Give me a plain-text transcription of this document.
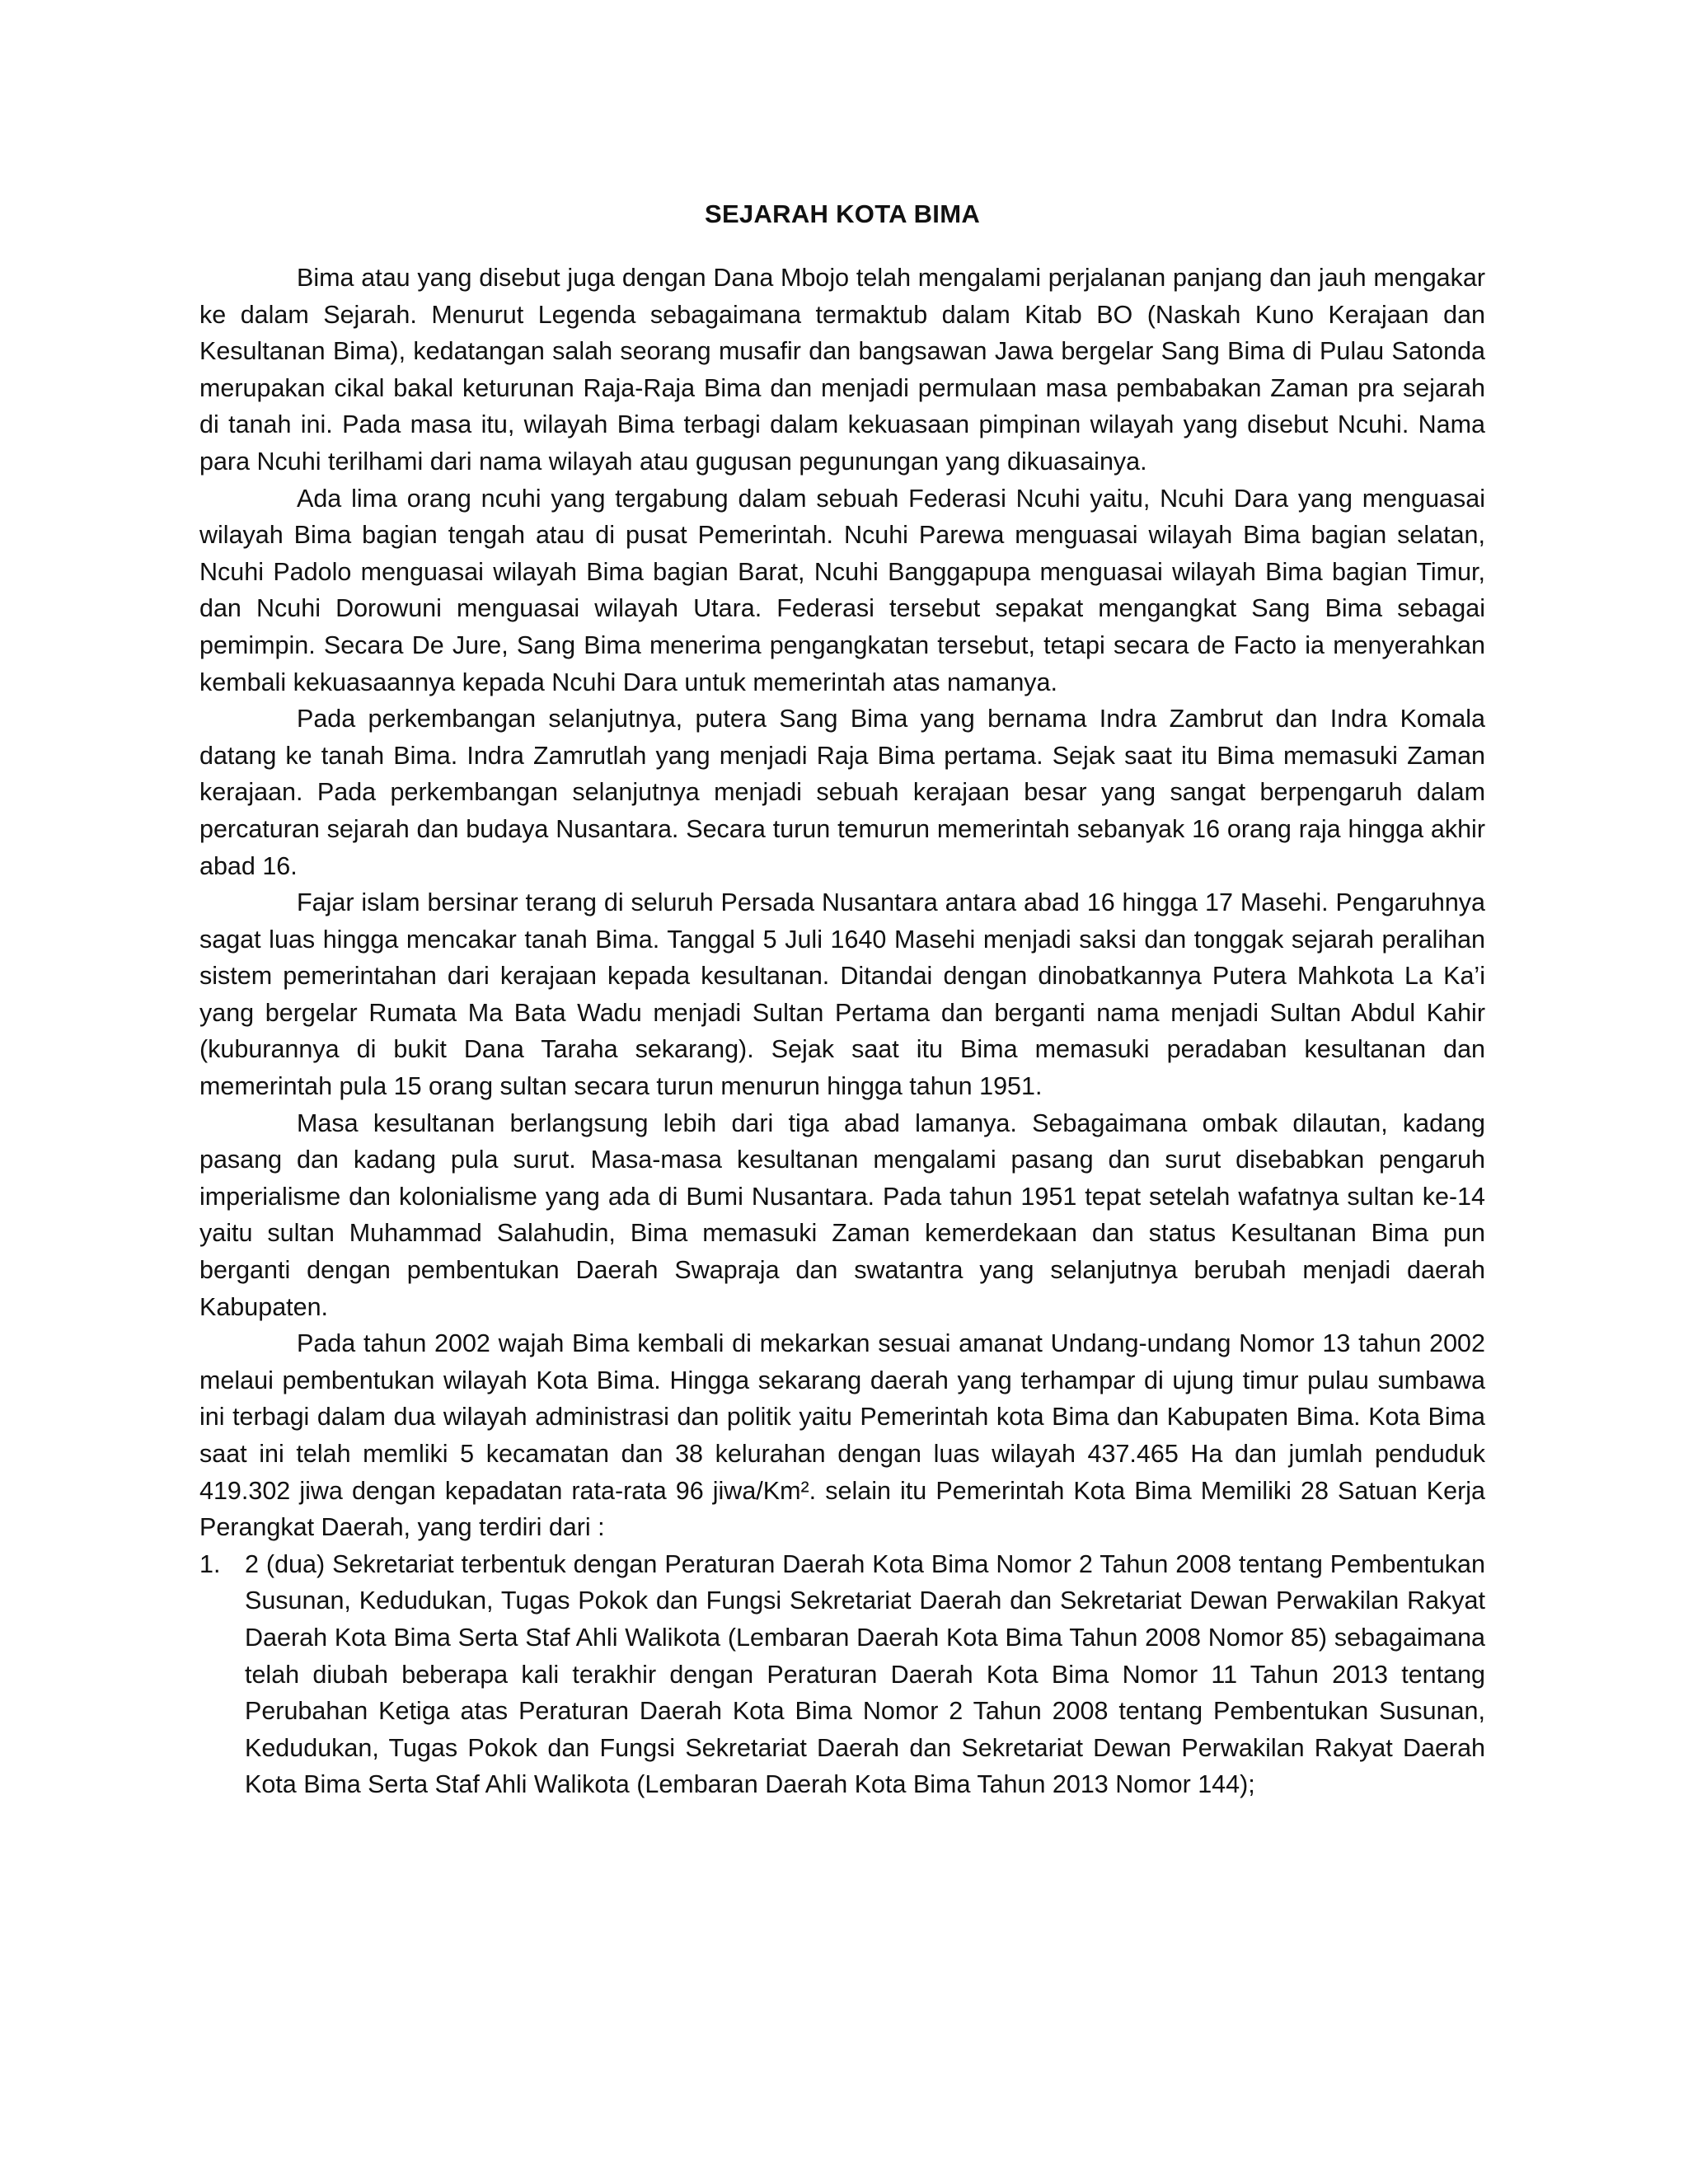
SEJARAH KOTA BIMA

Bima atau yang disebut juga dengan Dana Mbojo telah mengalami perjalanan panjang dan jauh mengakar ke dalam Sejarah. Menurut Legenda sebagaimana termaktub dalam Kitab BO (Naskah Kuno Kerajaan dan Kesultanan Bima), kedatangan salah seorang musafir dan bangsawan Jawa bergelar Sang Bima di Pulau Satonda merupakan cikal bakal keturunan Raja-Raja Bima dan menjadi permulaan masa pembabakan Zaman pra sejarah di tanah ini. Pada masa itu, wilayah Bima terbagi dalam kekuasaan pimpinan wilayah yang disebut Ncuhi. Nama para Ncuhi terilhami dari nama wilayah atau gugusan pegunungan yang dikuasainya.

Ada lima orang ncuhi yang tergabung dalam sebuah Federasi Ncuhi yaitu, Ncuhi Dara yang menguasai wilayah Bima bagian tengah atau di pusat Pemerintah. Ncuhi Parewa menguasai wilayah Bima bagian selatan, Ncuhi Padolo menguasai wilayah Bima bagian Barat, Ncuhi Banggapupa menguasai wilayah Bima bagian Timur, dan Ncuhi Dorowuni menguasai wilayah Utara. Federasi tersebut sepakat mengangkat Sang Bima sebagai pemimpin. Secara De Jure, Sang Bima menerima pengangkatan tersebut, tetapi secara de Facto ia menyerahkan kembali kekuasaannya kepada Ncuhi Dara untuk memerintah atas namanya.

Pada perkembangan selanjutnya, putera Sang Bima yang bernama Indra Zambrut dan Indra Komala datang ke tanah Bima. Indra Zamrutlah yang menjadi Raja Bima pertama. Sejak saat itu Bima memasuki Zaman kerajaan. Pada perkembangan selanjutnya menjadi sebuah kerajaan besar yang sangat berpengaruh dalam percaturan sejarah dan budaya Nusantara. Secara turun temurun memerintah sebanyak 16 orang raja hingga akhir abad 16.

Fajar islam bersinar terang di seluruh Persada Nusantara antara abad 16 hingga 17 Masehi. Pengaruhnya sagat luas hingga mencakar tanah Bima. Tanggal 5 Juli 1640 Masehi menjadi saksi dan tonggak sejarah peralihan sistem pemerintahan dari kerajaan kepada kesultanan. Ditandai dengan dinobatkannya Putera Mahkota La Ka’i yang bergelar Rumata Ma Bata Wadu menjadi Sultan Pertama dan berganti nama menjadi Sultan Abdul Kahir (kuburannya di bukit Dana Taraha sekarang). Sejak saat itu Bima memasuki peradaban kesultanan dan memerintah pula 15 orang sultan secara turun menurun hingga tahun 1951.

Masa kesultanan berlangsung lebih dari tiga abad lamanya. Sebagaimana ombak dilautan, kadang pasang dan kadang pula surut. Masa-masa kesultanan mengalami pasang dan surut disebabkan pengaruh imperialisme dan kolonialisme yang ada di Bumi Nusantara. Pada tahun 1951 tepat setelah wafatnya sultan ke-14 yaitu sultan Muhammad Salahudin, Bima memasuki Zaman kemerdekaan dan status Kesultanan Bima pun berganti dengan pembentukan Daerah Swapraja dan swatantra yang selanjutnya berubah menjadi daerah Kabupaten.

Pada tahun 2002 wajah Bima kembali di mekarkan sesuai amanat Undang-undang Nomor 13 tahun 2002 melaui pembentukan wilayah Kota Bima. Hingga sekarang daerah yang terhampar di ujung timur pulau sumbawa ini terbagi dalam dua wilayah administrasi dan politik yaitu Pemerintah kota Bima dan Kabupaten Bima. Kota Bima saat ini telah memliki 5 kecamatan dan 38 kelurahan dengan luas wilayah 437.465 Ha dan jumlah penduduk 419.302 jiwa dengan kepadatan rata-rata 96 jiwa/Km². selain itu Pemerintah Kota Bima Memiliki 28 Satuan Kerja Perangkat Daerah, yang terdiri dari :

1. 2 (dua) Sekretariat terbentuk dengan Peraturan Daerah Kota Bima Nomor 2 Tahun 2008 tentang Pembentukan Susunan, Kedudukan, Tugas Pokok dan Fungsi Sekretariat Daerah dan Sekretariat Dewan Perwakilan Rakyat Daerah Kota Bima Serta Staf Ahli Walikota (Lembaran Daerah Kota Bima Tahun 2008 Nomor 85) sebagaimana telah diubah beberapa kali terakhir dengan Peraturan Daerah Kota Bima Nomor 11 Tahun 2013 tentang Perubahan Ketiga atas Peraturan Daerah Kota Bima Nomor 2 Tahun 2008 tentang Pembentukan Susunan, Kedudukan, Tugas Pokok dan Fungsi Sekretariat Daerah dan Sekretariat Dewan Perwakilan Rakyat Daerah Kota Bima Serta Staf Ahli Walikota (Lembaran Daerah Kota Bima Tahun 2013 Nomor 144);
